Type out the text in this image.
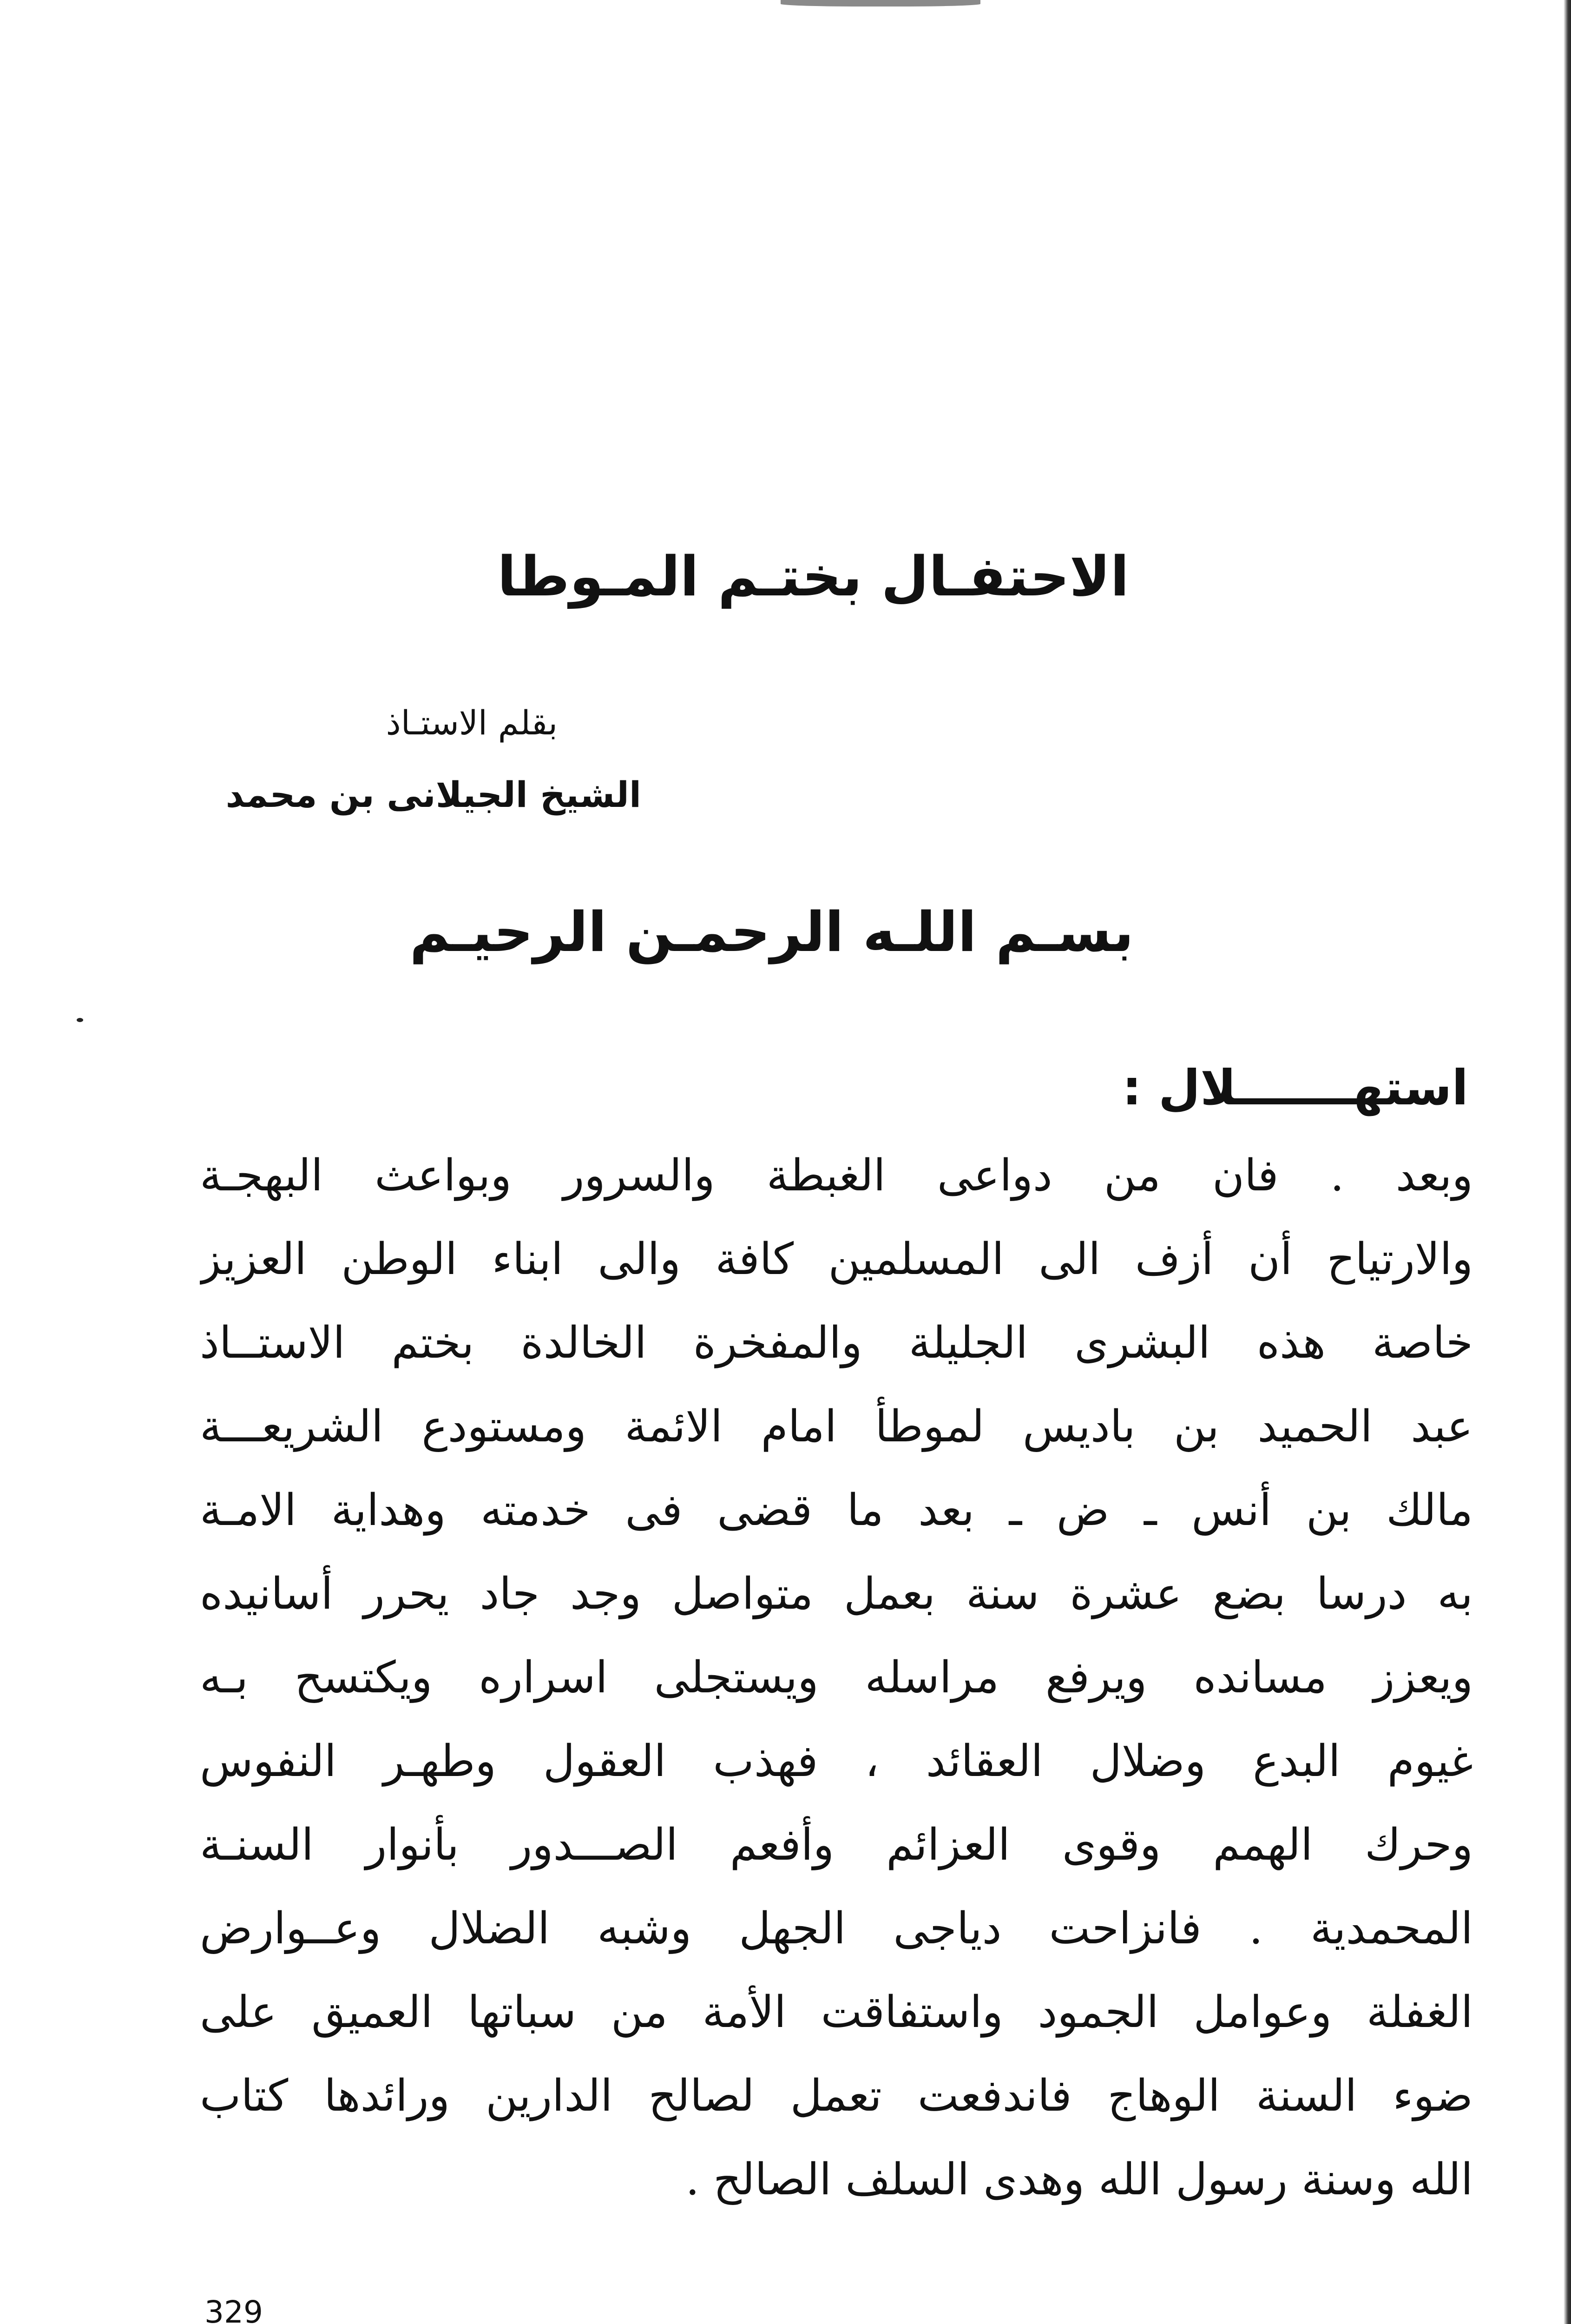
الاحتفـال بختـم المـوطا
بقلم الاستـاذ
الشيخ الجيلانى بن محمد
بسـم اللـه الرحمـن الرحيـم
استهـــــــلال :
وبعد . فان من دواعى الغبطة والسرور وبواعث البهجـة
والارتياح أن أزف الى المسلمين كافة والى ابناء الوطن العزيز
خاصة هذه البشرى الجليلة والمفخرة الخالدة بختم الاستــاذ
عبد الحميد بن باديس لموطأ امام الائمة ومستودع الشريعـــة
مالك بن أنس ـ ض ـ بعد ما قضى فى خدمته وهداية الامـة
به درسا بضع عشرة سنة بعمل متواصل وجد جاد يحرر أسانيده
ويعزز مسانده ويرفع مراسله ويستجلى اسراره ويكتسح بـه
غيوم البدع وضلال العقائد ، فهذب العقول وطهـر النفوس
وحرك الهمم وقوى العزائم وأفعم الصـــدور بأنوار السنـة
المحمدية . فانزاحت دياجى الجهل وشبه الضلال وعــوارض
الغفلة وعوامل الجمود واستفاقت الأمة من سباتها العميق على
ضوء السنة الوهاج فاندفعت تعمل لصالح الدارين ورائدها كتاب
الله وسنة رسول الله وهدى السلف الصالح .
329
